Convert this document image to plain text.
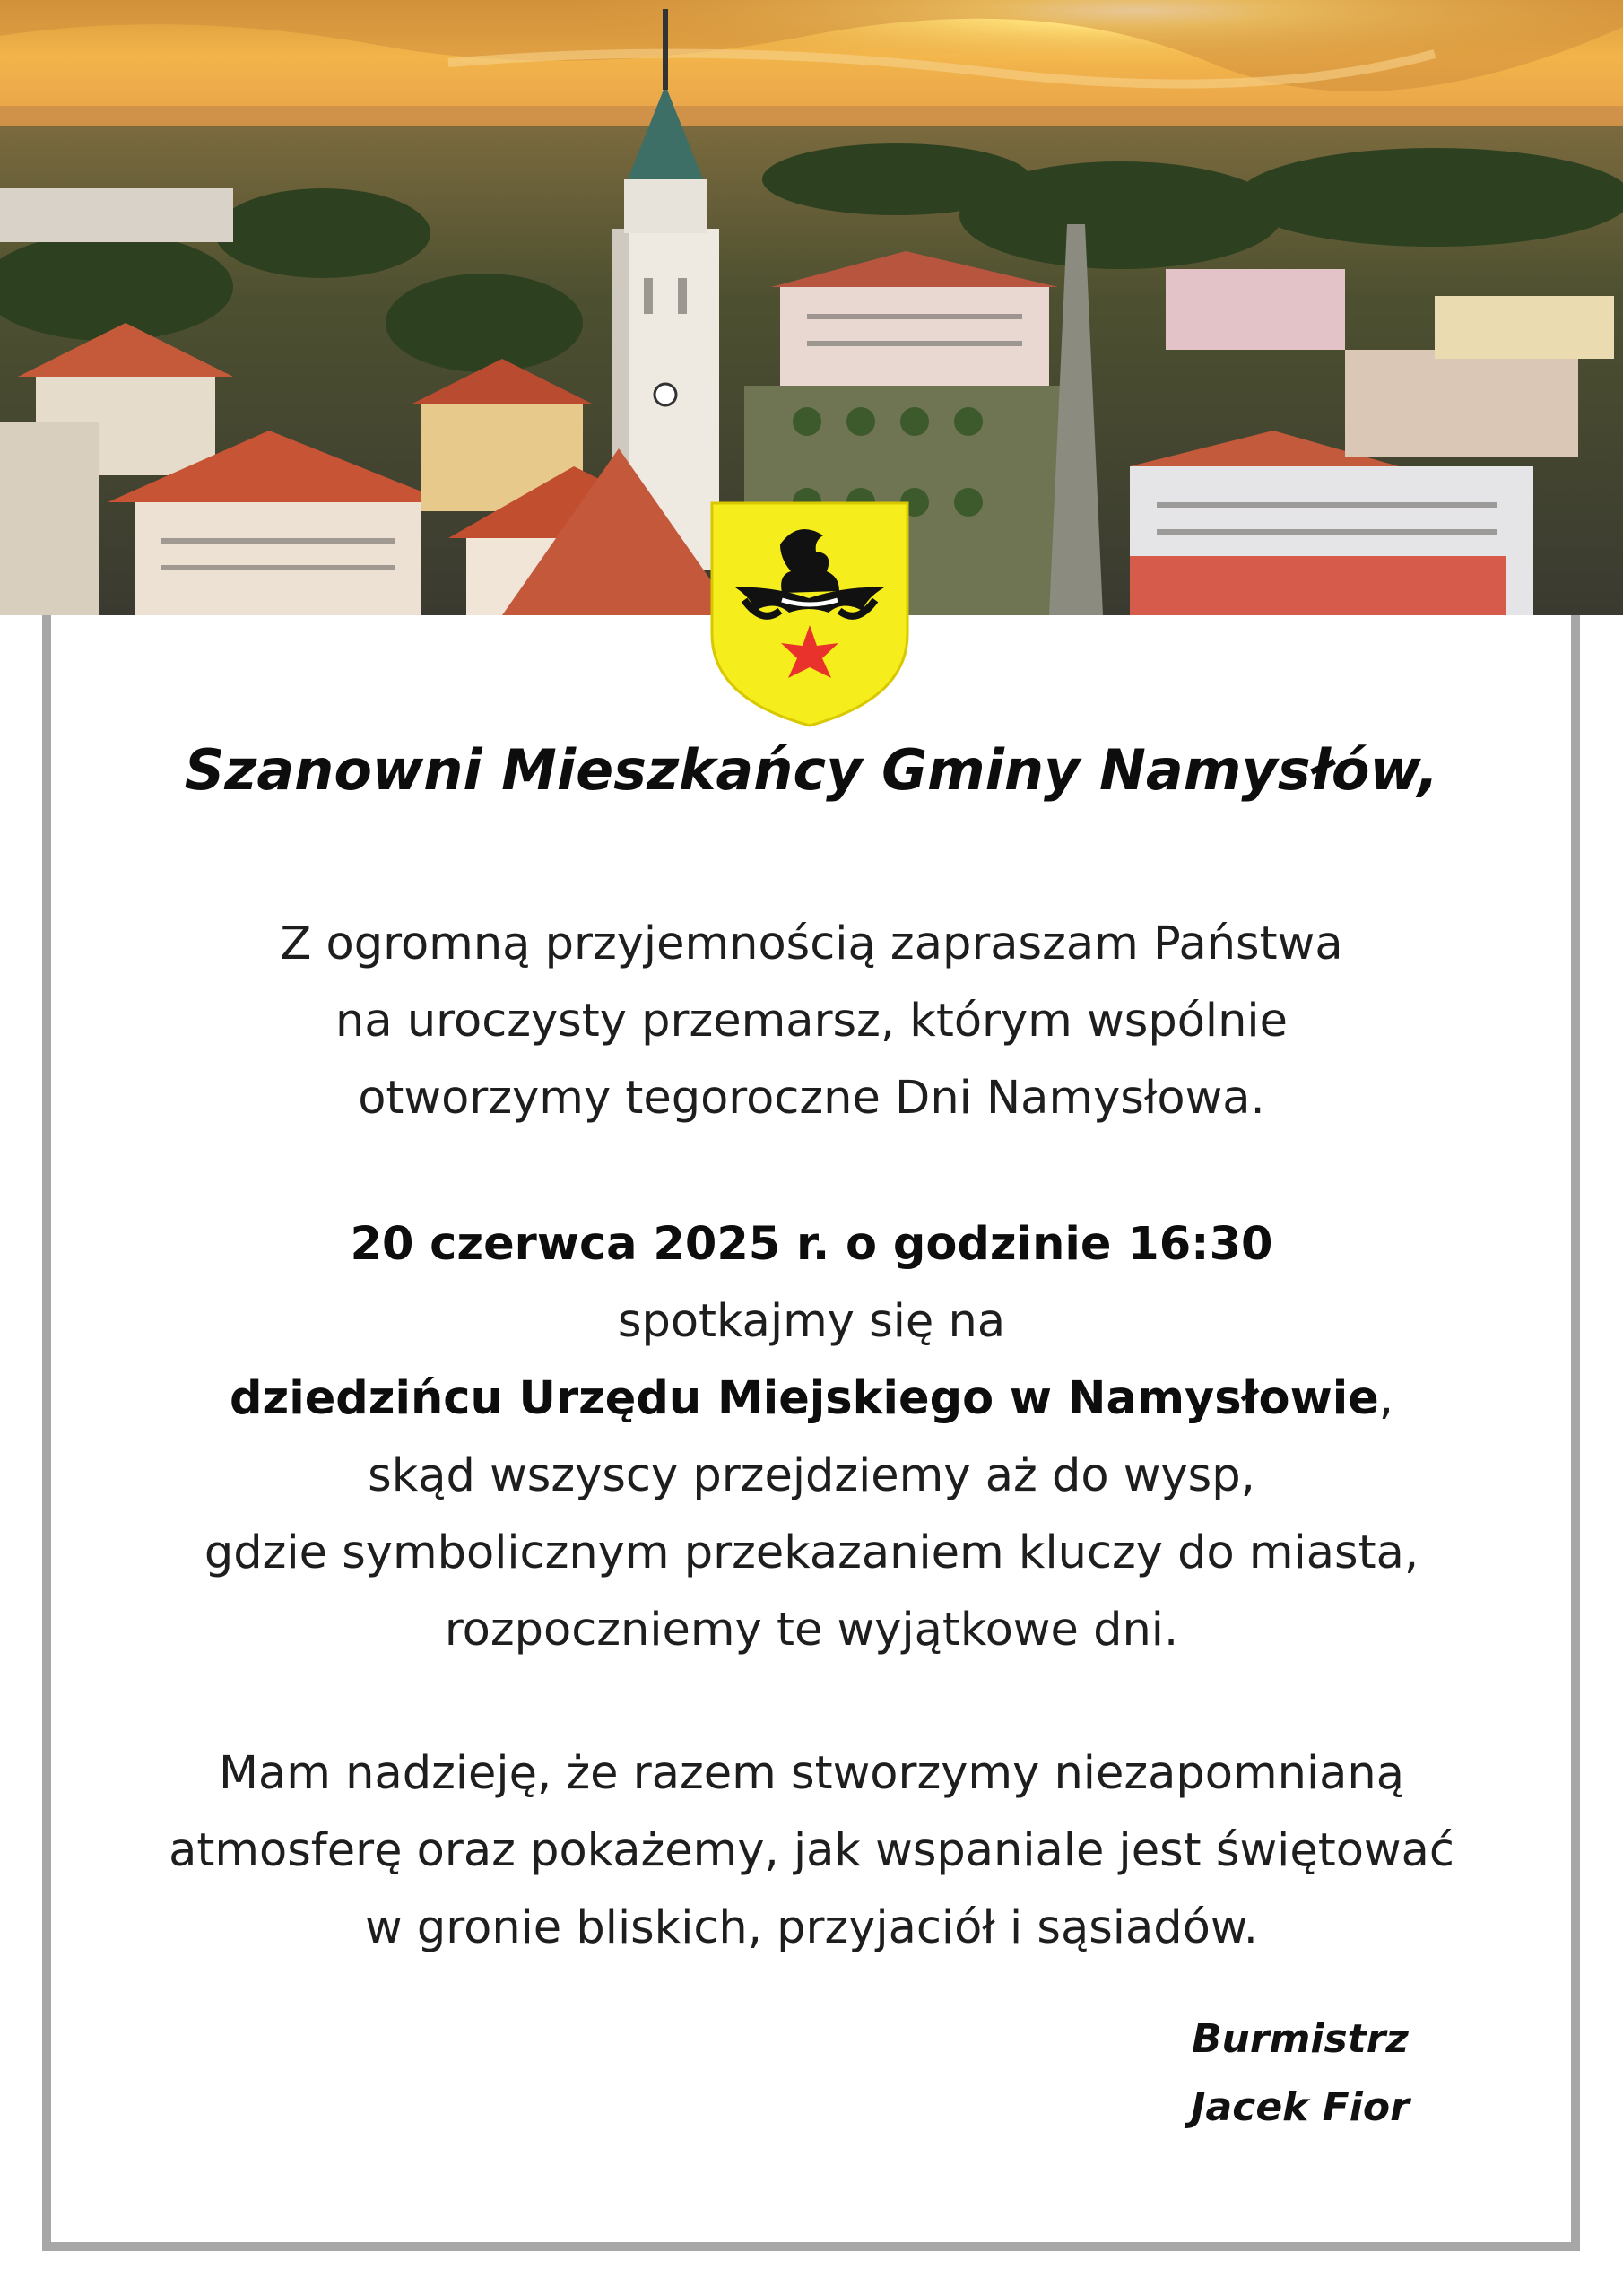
Szanowni Mieszkańcy Gminy Namysłów,
Z ogromną przyjemnością zapraszam Państwa
na uroczysty przemarsz, którym wspólnie
otworzymy tegoroczne Dni Namysłowa.
20 czerwca 2025 r. o godzinie 16:30
spotkajmy się na
dziedzińcu Urzędu Miejskiego w Namysłowie,
skąd wszyscy przejdziemy aż do wysp,
gdzie symbolicznym przekazaniem kluczy do miasta,
rozpoczniemy te wyjątkowe dni.
Mam nadzieję, że razem stworzymy niezapomnianą
atmosferę oraz pokażemy, jak wspaniale jest świętować
w gronie bliskich, przyjaciół i sąsiadów.
Burmistrz
Jacek Fior
